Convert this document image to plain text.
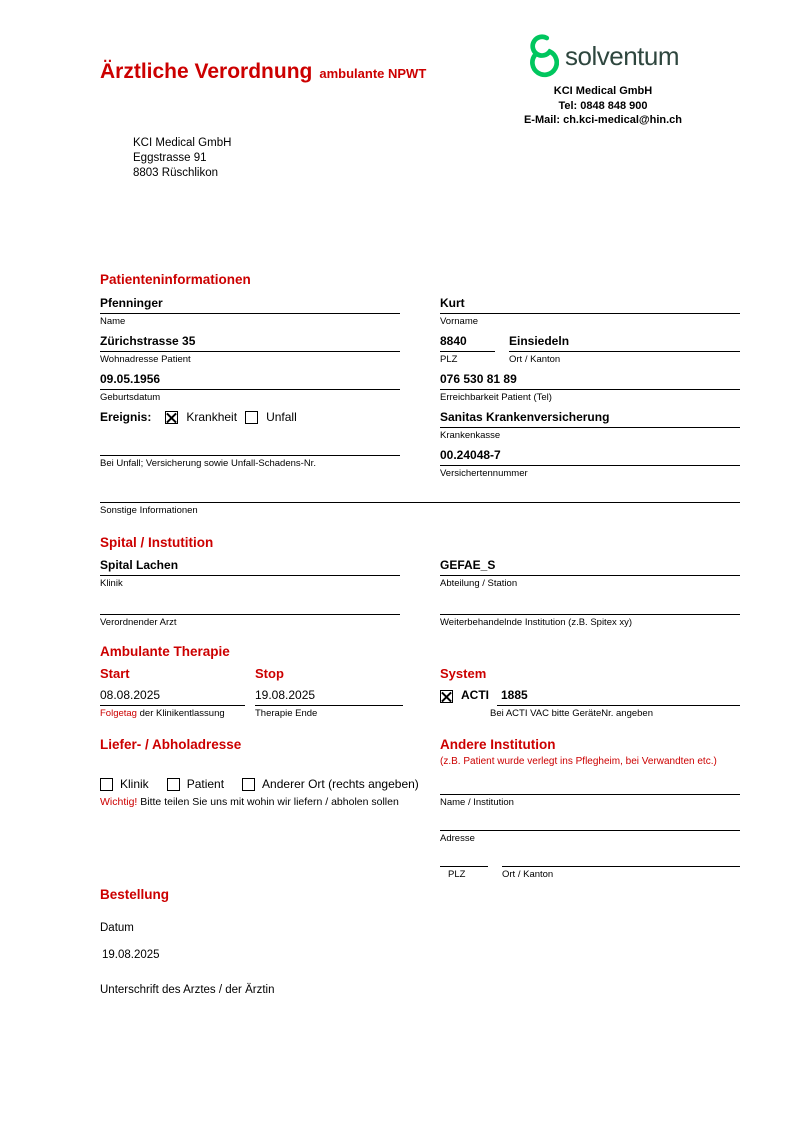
Ärztliche Verordnung ambulante NPWT
solventum
KCI Medical GmbH
Tel: 0848 848 900
E-Mail: ch.kci-medical@hin.ch
KCI Medical GmbH
Eggstrasse 91
8803 Rüschlikon
Patienteninformationen
Pfenninger
Name
Zürichstrasse 35
Wohnadresse Patient
09.05.1956
Geburtsdatum
Ereignis:	Krankheit Unfall
Bei Unfall; Versicherung sowie Unfall-Schadens-Nr.
Kurt
Vorname
8840
PLZ
Einsiedeln
Ort / Kanton
076 530 81 89
Erreichbarkeit Patient (Tel)
Sanitas Krankenversicherung
Krankenkasse
00.24048-7
Versichertennummer
Sonstige Informationen
Spital / Instutition
Spital Lachen
Klinik
Verordnender Arzt
GEFAE_S
Abteilung / Station
Weiterbehandelnde Institution (z.B. Spitex xy)
Ambulante Therapie
Start	Stop	System
08.08.2025
Folgetag der Klinikentlassung
19.08.2025
Therapie Ende
ACTI	1885
Bei ACTI VAC bitte GeräteNr. angeben
Liefer- / Abholadresse
Klinik	Patient	Anderer Ort (rechts angeben)
Wichtig! Bitte teilen Sie uns mit wohin wir liefern / abholen sollen
Andere Institution
(z.B. Patient wurde verlegt ins Pflegheim, bei Verwandten etc.)
Name / Institution
Adresse
PLZ	Ort / Kanton
Bestellung
Datum
19.08.2025
Unterschrift des Arztes / der Ärztin
